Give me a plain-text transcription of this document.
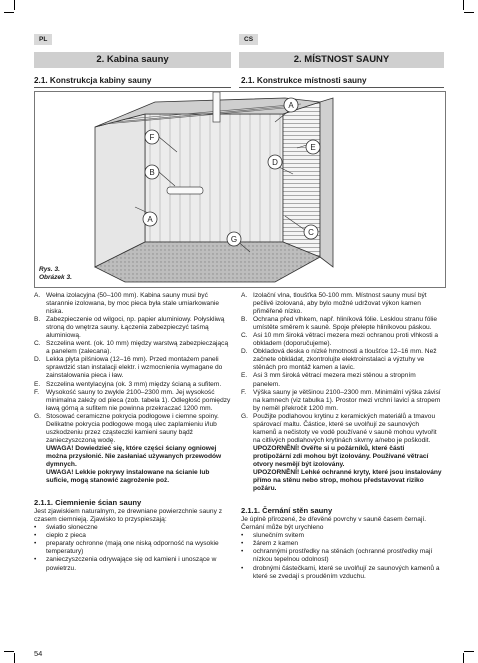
PL	CS
2. Kabina sauny	2. MÍSTNOST SAUNY
2.1. Konstrukcja kabiny sauny	2.1. Konstrukce místnosti sauny
A
E
F
D
B
A
C
G
Rys. 3.
Obrázek 3.
A. Wełna izolacyjna (50–100 mm). Kabina sauny musi być starannie izolowana, by moc pieca była stale umiarkowanie niska.
B. Zabezpieczenie od wilgoci, np. papier aluminiowy. Połyskliwą stroną do wnętrza sauny. Łączenia zabezpieczyć taśmą aluminiową.
C. Szczelina went. (ok. 10 mm) między warstwą zabezpieczającą a panelem (zalecana).
D. Lekka płyta pilśniowa (12–16 mm). Przed montażem paneli sprawdzić stan instalacji elektr. i wzmocnienia wymagane do zainstalowania pieca i ław.
E. Szczelina wentylacyjna (ok. 3 mm) między ścianą a sufitem.
F.	Wysokość sauny to zwykle 2100–2300 mm. Jej wysokość minimalna zależy od pieca (zob. tabela 1). Odległość pomiędzy ławą górną a sufitem nie powinna przekraczać 1200 mm.
G. Stosować ceramiczne pokrycia podłogowe i ciemne spoiny. Delikatne pokrycia podłogowe mogą ulec zaplamieniu i/lub uszkodzeniu przez cząsteczki kamieni sauny bądź zanieczyszczoną wodę.
UWAGA! Dowiedzieć się, które części ściany ogniowej można przysłonić. Nie zasłaniać używanych przewodów dymnych.
UWAGA! Lekkie pokrywy instalowane na ścianie lub suficie, mogą stanowić zagrożenie poż.
2.1.1. Ciemnienie ścian sauny
Jest zjawiskiem naturalnym, ze drewniane powierzchnie sauny z czasem ciemnieją. Zjawisko to przyspieszają:
•	światło słoneczne
•	ciepło z pieca
•	preparaty ochronne (mają one niską odporność na wysokie temperatury)
•	zanieczyszczenia odrywające się od kamieni i unoszące w powietrzu.
A. Izolační vlna, tloušťka 50-100 mm. Místnost sauny musí být pečlivě izolovaná, aby bylo možné udržovat výkon kamen přiměřeně nízko.
B. Ochrana před vlhkem, např. hliníková fólie. Lesklou stranu fólie umístěte směrem k sauně. Spoje přelepte hliníkovou páskou.
C. Asi 10 mm široká větrací mezera mezi ochranou proti vlhkosti a obkladem (doporučujeme).
D. Obkladová deska o nízké hmotnosti a tloušťce 12–16 mm. Než začnete obkládat, zkontrolujte elektroinstalaci a výztuhy ve stěnách pro montáž kamen a lavic.
E. Asi 3 mm široká větrací mezera mezi stěnou a stropním panelem.
F.	Výška sauny je většinou 2100–2300 mm. Minimální výška závisí na kamnech (viz tabulka 1). Prostor mezi vrchní lavicí a stropem by neměl překročit 1200 mm.
G. Použijte podlahovou krytinu z keramických materiálů a tmavou spárovací maltu. Částice, které se uvolňují ze saunových kamenů a nečistoty ve vodě používané v sauně mohou vytvořit na citlivých podlahových krytinách skvrny a/nebo je poškodit.
UPOZORNĚNÍ! Ověřte si u požárníků, které části protipožární zdi mohou být izolovány. Používané větrací otvory nesmějí být izolovány.
UPOZORNĚNÍ! Lehké ochranné kryty, které jsou instalovány přímo na stěnu nebo strop, mohou představovat riziko požáru.
2.1.1. Černání stěn sauny
Je úplně přirozené, že dřevěné povrchy v sauně časem černají. Černání může být urychleno
•	slunečním svitem
•	žárem z kamen
•	ochrannými prostředky na stěnách (ochranné prostředky mají nízkou tepelnou odolnost)
•	drobnými částečkami, které se uvolňují ze saunových kamenů a které se zvedají s prouděním vzduchu.
54
